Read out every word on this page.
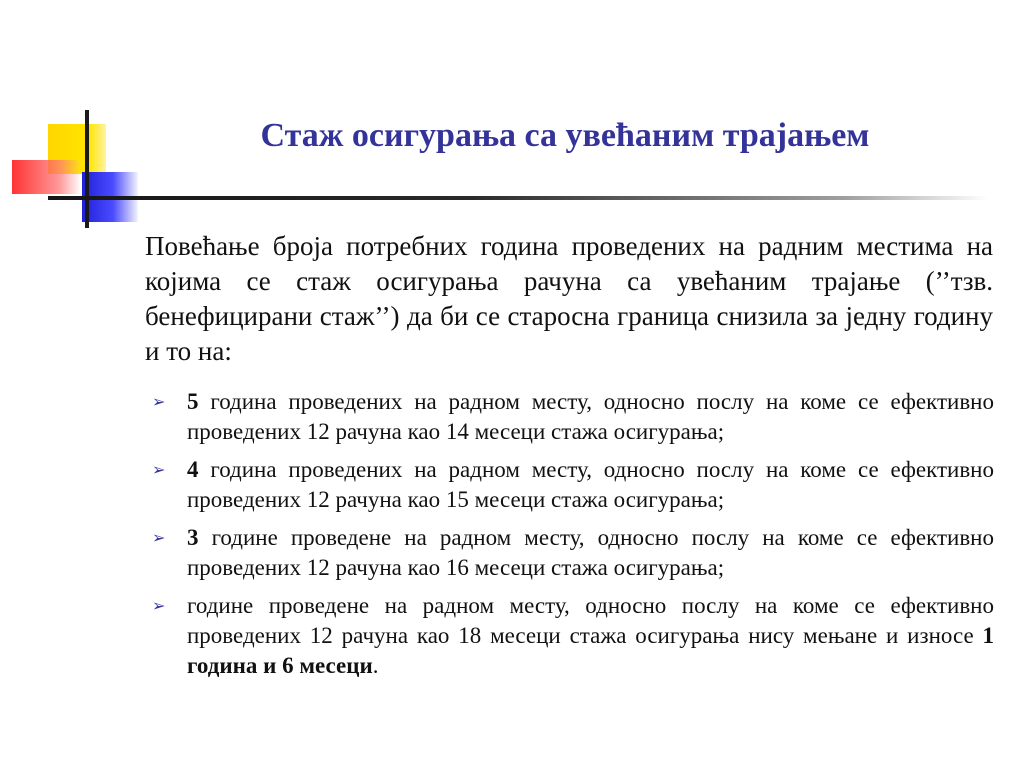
Стаж осигурања са увећаним трајањем

Повећање броја потребних година проведених на радним местима на којима се стаж осигурања рачуна са увећаним трајање (’’тзв. бенефицирани стаж’’) да би се старосна граница снизила за једну годину и то на:

➢ 5 година проведених на радном месту, односно послу на коме се ефективно проведених 12 рачуна као 14 месеци стажа осигурања;
➢ 4 година проведених на радном месту, односно послу на коме се ефективно проведених 12 рачуна као 15 месеци стажа осигурања;
➢ 3 године проведене на радном месту, односно послу на коме се ефективно проведених 12 рачуна као 16 месеци стажа осигурања;
➢ године проведене на радном месту, односно послу на коме се ефективно проведених 12 рачуна као 18 месеци стажа осигурања нису мењане и износе 1 година и 6 месеци.
